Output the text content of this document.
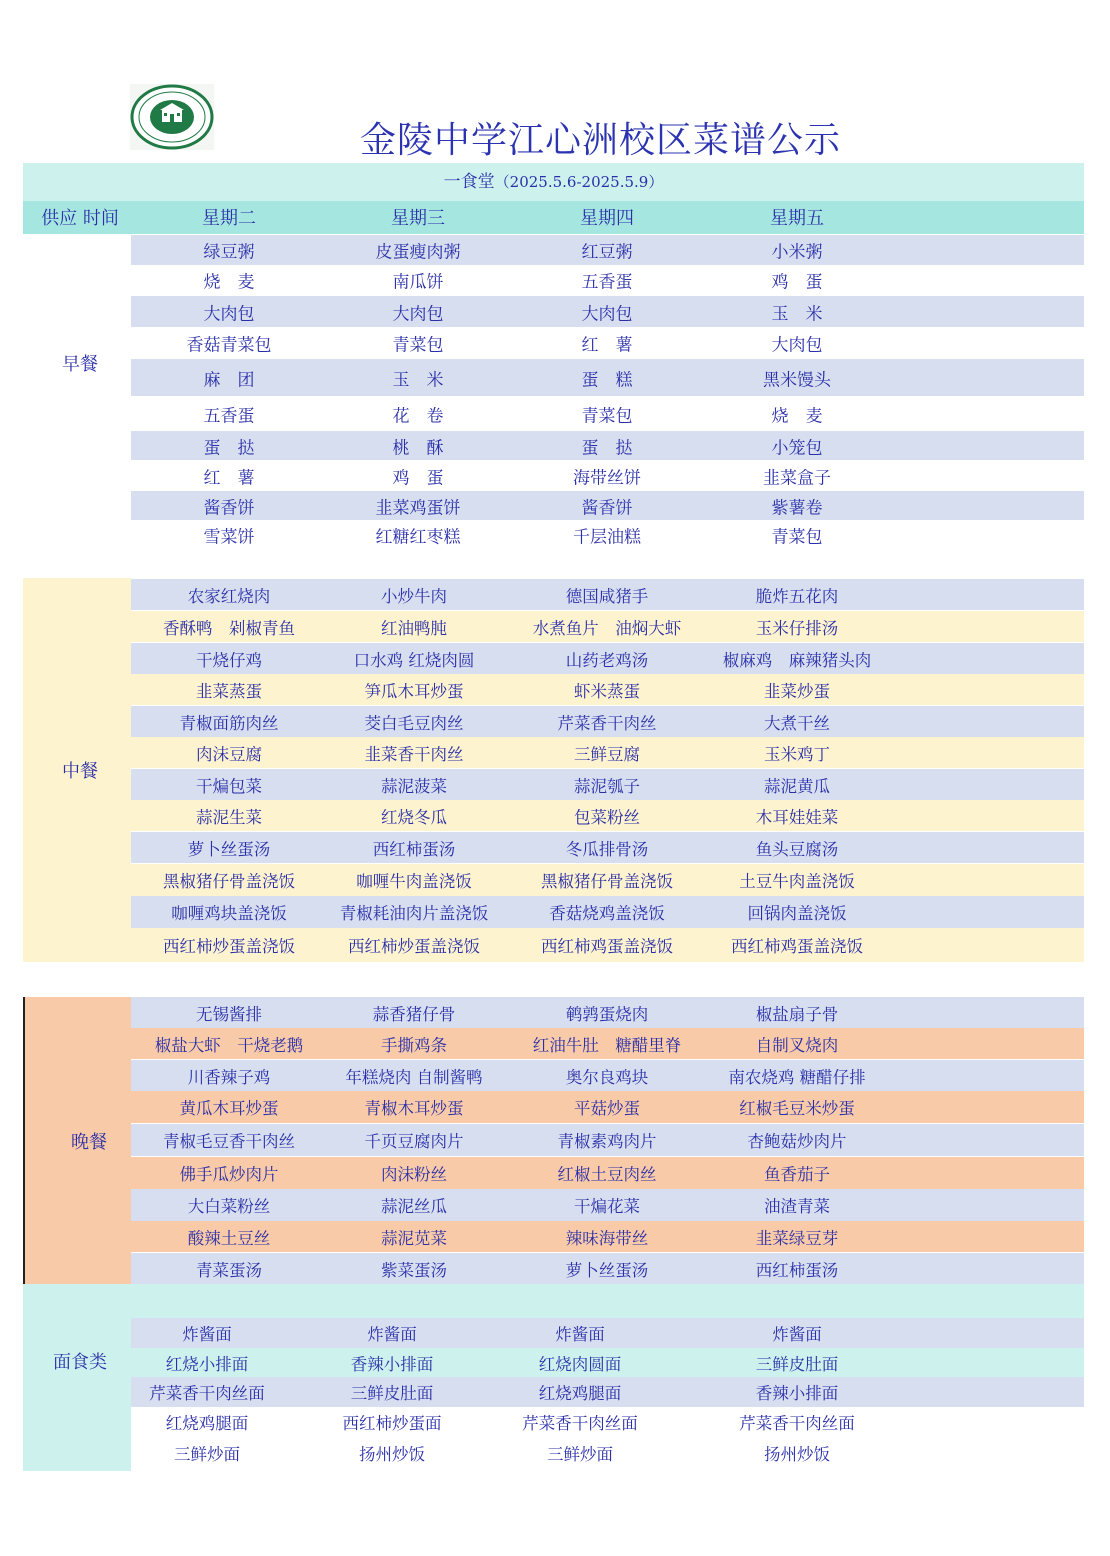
金陵中学江心洲校区菜谱公示
一食堂（2025.5.6-2025.5.9）
供应 时间	星期二	星期三	星期四	星期五
早餐
绿豆粥	皮蛋瘦肉粥	红豆粥	小米粥
烧　麦	南瓜饼	五香蛋	鸡　蛋
大肉包	大肉包	大肉包	玉　米
香菇青菜包	青菜包	红　薯	大肉包
麻　团	玉　米	蛋　糕	黑米馒头
五香蛋	花　卷	青菜包	烧　麦
蛋　挞	桃　酥	蛋　挞	小笼包
红　薯	鸡　蛋	海带丝饼	韭菜盒子
酱香饼	韭菜鸡蛋饼	酱香饼	紫薯卷
雪菜饼	红糖红枣糕	千层油糕	青菜包
中餐
农家红烧肉	小炒牛肉	德国咸猪手	脆炸五花肉
香酥鸭　剁椒青鱼	红油鸭肫	水煮鱼片　油焖大虾	玉米仔排汤
干烧仔鸡	口水鸡 红烧肉圆	山药老鸡汤	椒麻鸡　麻辣猪头肉
韭菜蒸蛋	笋瓜木耳炒蛋	虾米蒸蛋	韭菜炒蛋
青椒面筋肉丝	茭白毛豆肉丝	芹菜香干肉丝	大煮干丝
肉沫豆腐	韭菜香干肉丝	三鲜豆腐	玉米鸡丁
干煸包菜	蒜泥菠菜	蒜泥瓠子	蒜泥黄瓜
蒜泥生菜	红烧冬瓜	包菜粉丝	木耳娃娃菜
萝卜丝蛋汤	西红柿蛋汤	冬瓜排骨汤	鱼头豆腐汤
黑椒猪仔骨盖浇饭	咖喱牛肉盖浇饭	黑椒猪仔骨盖浇饭	土豆牛肉盖浇饭
咖喱鸡块盖浇饭	青椒耗油肉片盖浇饭	香菇烧鸡盖浇饭	回锅肉盖浇饭
西红柿炒蛋盖浇饭	西红柿炒蛋盖浇饭	西红柿鸡蛋盖浇饭	西红柿鸡蛋盖浇饭
晚餐
无锡酱排	蒜香猪仔骨	鹌鹑蛋烧肉	椒盐扇子骨
椒盐大虾　干烧老鹅	手撕鸡条	红油牛肚　糖醋里脊	自制叉烧肉
川香辣子鸡	年糕烧肉 自制酱鸭	奥尔良鸡块	南农烧鸡 糖醋仔排
黄瓜木耳炒蛋	青椒木耳炒蛋	平菇炒蛋	红椒毛豆米炒蛋
青椒毛豆香干肉丝	千页豆腐肉片	青椒素鸡肉片	杏鲍菇炒肉片
佛手瓜炒肉片	肉沫粉丝	红椒土豆肉丝	鱼香茄子
大白菜粉丝	蒜泥丝瓜	干煸花菜	油渣青菜
酸辣土豆丝	蒜泥苋菜	辣味海带丝	韭菜绿豆芽
青菜蛋汤	紫菜蛋汤	萝卜丝蛋汤	西红柿蛋汤
面食类
炸酱面	炸酱面	炸酱面	炸酱面
红烧小排面	香辣小排面	红烧肉圆面	三鲜皮肚面
芹菜香干肉丝面	三鲜皮肚面	红烧鸡腿面	香辣小排面
红烧鸡腿面	西红柿炒蛋面	芹菜香干肉丝面	芹菜香干肉丝面
三鲜炒面	扬州炒饭	三鲜炒面	扬州炒饭
